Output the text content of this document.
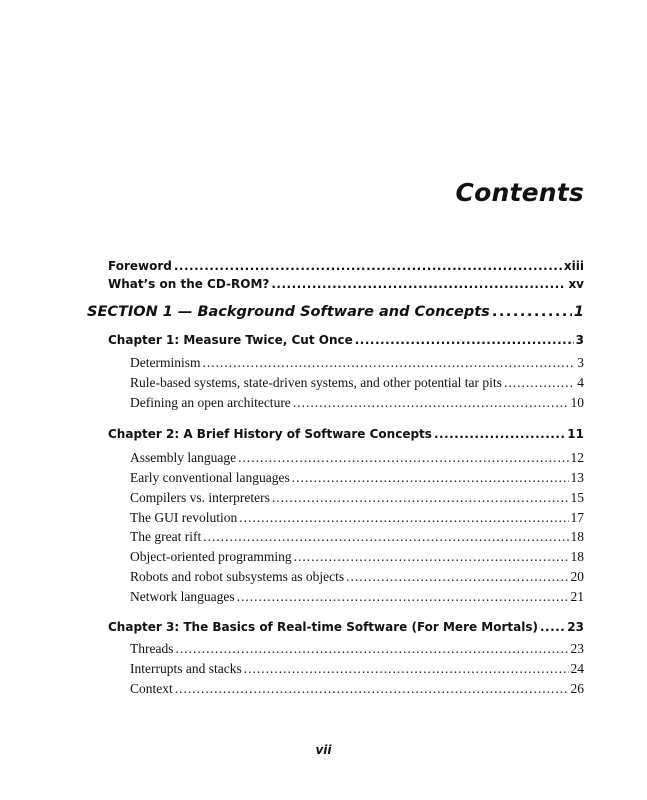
Contents
Foreword .....	xiii
What’s on the CD-ROM? .....	xv
SECTION 1 — Background Software and Concepts .....	1
Chapter 1: Measure Twice, Cut Once .....	3
Determinism .....	3
Rule-based systems, state-driven systems, and other potential tar pits .....	4
Defining an open architecture .....	10
Chapter 2: A Brief History of Software Concepts .....	11
Assembly language .....	12
Early conventional languages .....	13
Compilers vs. interpreters .....	15
The GUI revolution .....	17
The great rift .....	18
Object-oriented programming .....	18
Robots and robot subsystems as objects .....	20
Network languages .....	21
Chapter 3: The Basics of Real-time Software (For Mere Mortals) ..... 23
Threads .....	23
Interrupts and stacks .....	24
Context .....	26
vii
